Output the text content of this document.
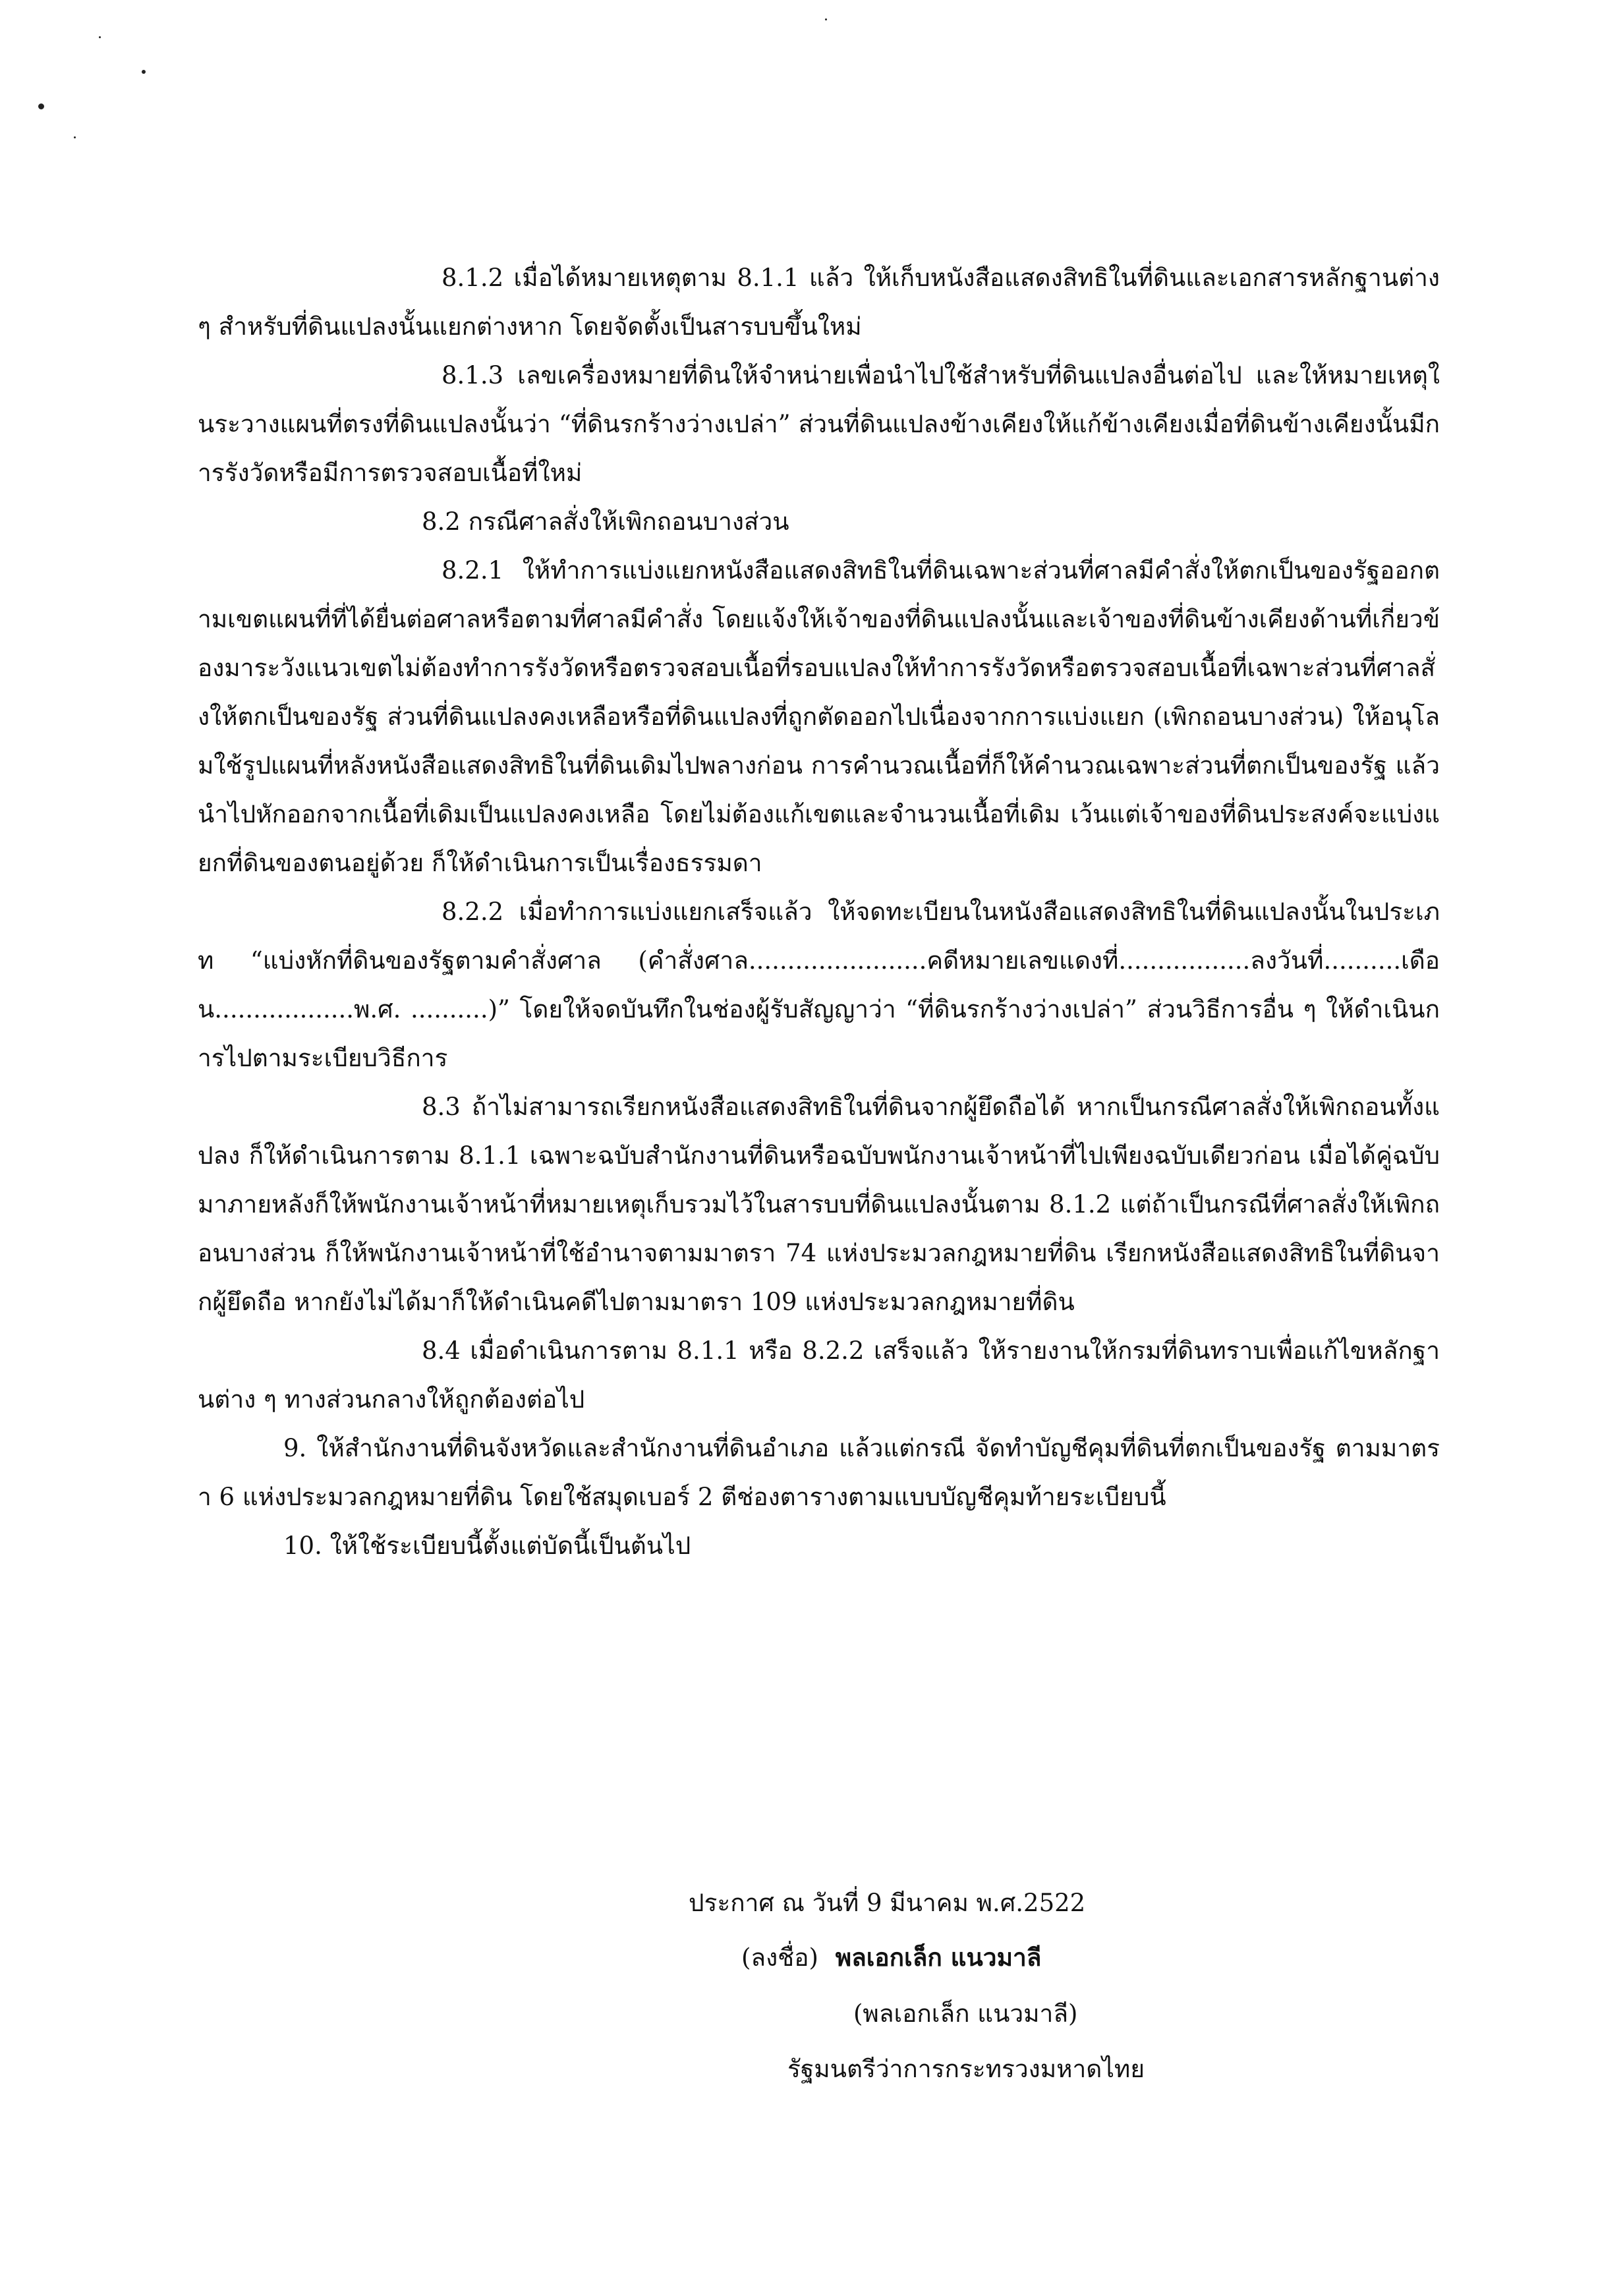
8.1.2 เมื่อได้หมายเหตุตาม 8.1.1 แล้ว ให้เก็บหนังสือแสดงสิทธิในที่ดินและเอกสารหลักฐานต่าง ๆ สำหรับที่ดินแปลงนั้นแยกต่างหาก โดยจัดตั้งเป็นสารบบขึ้นใหม่

8.1.3 เลขเครื่องหมายที่ดินให้จำหน่ายเพื่อนำไปใช้สำหรับที่ดินแปลงอื่นต่อไป และให้หมายเหตุในระวางแผนที่ตรงที่ดินแปลงนั้นว่า “ที่ดินรกร้างว่างเปล่า” ส่วนที่ดินแปลงข้างเคียงให้แก้ข้างเคียงเมื่อที่ดินข้างเคียงนั้นมีการรังวัดหรือมีการตรวจสอบเนื้อที่ใหม่

8.2 กรณีศาลสั่งให้เพิกถอนบางส่วน

8.2.1 ให้ทำการแบ่งแยกหนังสือแสดงสิทธิในที่ดินเฉพาะส่วนที่ศาลมีคำสั่งให้ตกเป็นของรัฐออกตามเขตแผนที่ที่ได้ยื่นต่อศาลหรือตามที่ศาลมีคำสั่ง โดยแจ้งให้เจ้าของที่ดินแปลงนั้นและเจ้าของที่ดินข้างเคียงด้านที่เกี่ยวข้องมาระวังแนวเขตไม่ต้องทำการรังวัดหรือตรวจสอบเนื้อที่รอบแปลงให้ทำการรังวัดหรือตรวจสอบเนื้อที่เฉพาะส่วนที่ศาลสั่งให้ตกเป็นของรัฐ ส่วนที่ดินแปลงคงเหลือหรือที่ดินแปลงที่ถูกตัดออกไปเนื่องจากการแบ่งแยก (เพิกถอนบางส่วน) ให้อนุโลมใช้รูปแผนที่หลังหนังสือแสดงสิทธิในที่ดินเดิมไปพลางก่อน การคำนวณเนื้อที่ก็ให้คำนวณเฉพาะส่วนที่ตกเป็นของรัฐ แล้วนำไปหักออกจากเนื้อที่เดิมเป็นแปลงคงเหลือ โดยไม่ต้องแก้เขตและจำนวนเนื้อที่เดิม เว้นแต่เจ้าของที่ดินประสงค์จะแบ่งแยกที่ดินของตนอยู่ด้วย ก็ให้ดำเนินการเป็นเรื่องธรรมดา

8.2.2 เมื่อทำการแบ่งแยกเสร็จแล้ว ให้จดทะเบียนในหนังสือแสดงสิทธิในที่ดินแปลงนั้นในประเภท “แบ่งหักที่ดินของรัฐตามคำสั่งศาล (คำสั่งศาล.......................คดีหมายเลขแดงที่.................ลงวันที่..........เดือน..................พ.ศ. ..........)” โดยให้จดบันทึกในช่องผู้รับสัญญาว่า “ที่ดินรกร้างว่างเปล่า” ส่วนวิธีการอื่น ๆ ให้ดำเนินการไปตามระเบียบวิธีการ

8.3 ถ้าไม่สามารถเรียกหนังสือแสดงสิทธิในที่ดินจากผู้ยึดถือได้ หากเป็นกรณีศาลสั่งให้เพิกถอนทั้งแปลง ก็ให้ดำเนินการตาม 8.1.1 เฉพาะฉบับสำนักงานที่ดินหรือฉบับพนักงานเจ้าหน้าที่ไปเพียงฉบับเดียวก่อน เมื่อได้คู่ฉบับมาภายหลังก็ให้พนักงานเจ้าหน้าที่หมายเหตุเก็บรวมไว้ในสารบบที่ดินแปลงนั้นตาม 8.1.2 แต่ถ้าเป็นกรณีที่ศาลสั่งให้เพิกถอนบางส่วน ก็ให้พนักงานเจ้าหน้าที่ใช้อำนาจตามมาตรา 74 แห่งประมวลกฎหมายที่ดิน เรียกหนังสือแสดงสิทธิในที่ดินจากผู้ยึดถือ หากยังไม่ได้มาก็ให้ดำเนินคดีไปตามมาตรา 109 แห่งประมวลกฎหมายที่ดิน

8.4 เมื่อดำเนินการตาม 8.1.1 หรือ 8.2.2 เสร็จแล้ว ให้รายงานให้กรมที่ดินทราบเพื่อแก้ไขหลักฐานต่าง ๆ ทางส่วนกลางให้ถูกต้องต่อไป

9. ให้สำนักงานที่ดินจังหวัดและสำนักงานที่ดินอำเภอ แล้วแต่กรณี จัดทำบัญชีคุมที่ดินที่ตกเป็นของรัฐ ตามมาตรา 6 แห่งประมวลกฎหมายที่ดิน โดยใช้สมุดเบอร์ 2 ตีช่องตารางตามแบบบัญชีคุมท้ายระเบียบนี้

10. ให้ใช้ระเบียบนี้ตั้งแต่บัดนี้เป็นต้นไป

ประกาศ ณ วันที่ 9 มีนาคม พ.ศ.2522
(ลงชื่อ) พลเอกเล็ก แนวมาลี
(พลเอกเล็ก แนวมาลี)
รัฐมนตรีว่าการกระทรวงมหาดไทย
